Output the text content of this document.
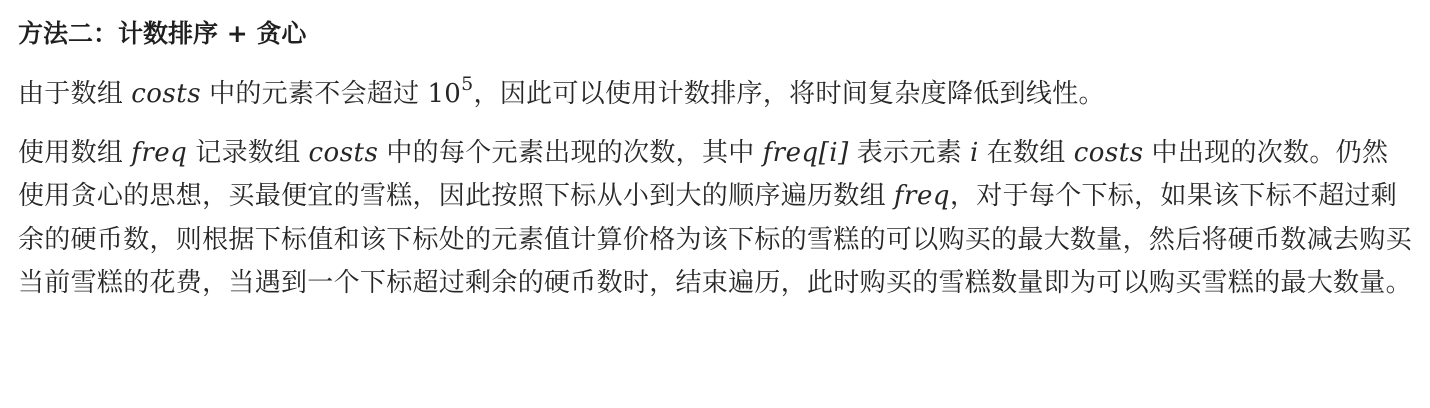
方法二：计数排序 + 贪心

由于数组 costs 中的元素不会超过 $10^5$，因此可以使用计数排序，将时间复杂度降低到线性。

使用数组 freq 记录数组 costs 中的每个元素出现的次数，其中 freq[i] 表示元素 i 在数组 costs 中出现的次数。仍然使用贪心的思想，买最便宜的雪糕，因此按照下标从小到大的顺序遍历数组 freq，对于每个下标，如果该下标不超过剩余的硬币数，则根据下标值和该下标处的元素值计算价格为该下标的雪糕的可以购买的最大数量，然后将硬币数减去购买当前雪糕的花费，当遇到一个下标超过剩余的硬币数时，结束遍历，此时购买的雪糕数量即为可以购买雪糕的最大数量。
